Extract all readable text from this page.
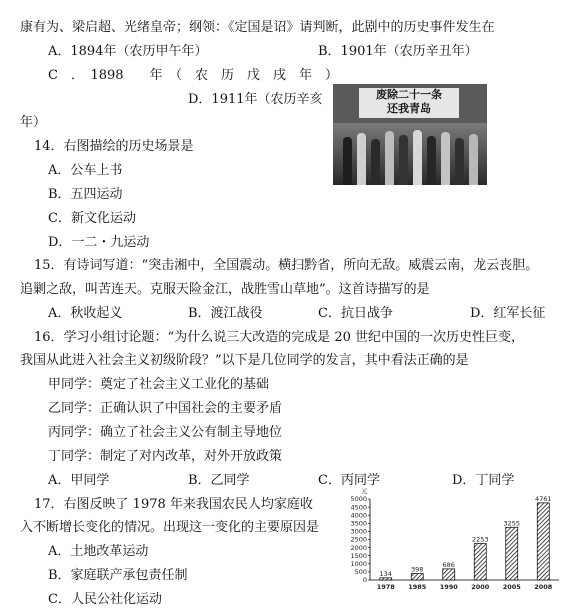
康有为、梁启超、光绪皇帝；纲领：《定国是诏》请判断，此剧中的历史事件发生在
A．1894年（农历甲午年）	B．1901年（农历辛丑年）
C　．　1898　　年　（　农　历　戊　戌　年　）
D．1911年（农历辛亥
年）
废除二十一条
还我青岛
14．右图描绘的历史场景是
A．公车上书
B．五四运动
C．新文化运动
D．一二・九运动
15．有诗词写道：“突击湘中，全国震动。横扫黔省，所向无敌。威震云南，龙云丧胆。
追剿之敌，叫苦连天。克服天险金江，战胜雪山草地”。这首诗描写的是
A．秋收起义	B．渡江战役	C．抗日战争	D．红军长征
16．学习小组讨论题：“为什么说三大改造的完成是 20 世纪中国的一次历史性巨变，
我国从此进入社会主义初级阶段？”以下是几位同学的发言，其中看法正确的是
甲同学：奠定了社会主义工业化的基础
乙同学：正确认识了中国社会的主要矛盾
丙同学：确立了社会主义公有制主导地位
丁同学：制定了对内改革，对外开放政策
A．甲同学	B．乙同学	C．丙同学	D．丁同学
17．右图反映了 1978 年来我国农民人均家庭收
入不断增长变化的情况。出现这一变化的主要原因是
A．土地改革运动
B．家庭联产承包责任制
C．人民公社化运动
元
0
500
1000
1500
2000
2500
3000
3500
4000
4500
5000
134
1978
398
1985
686
1990
2253
2000
3255
2005
4761
2008
